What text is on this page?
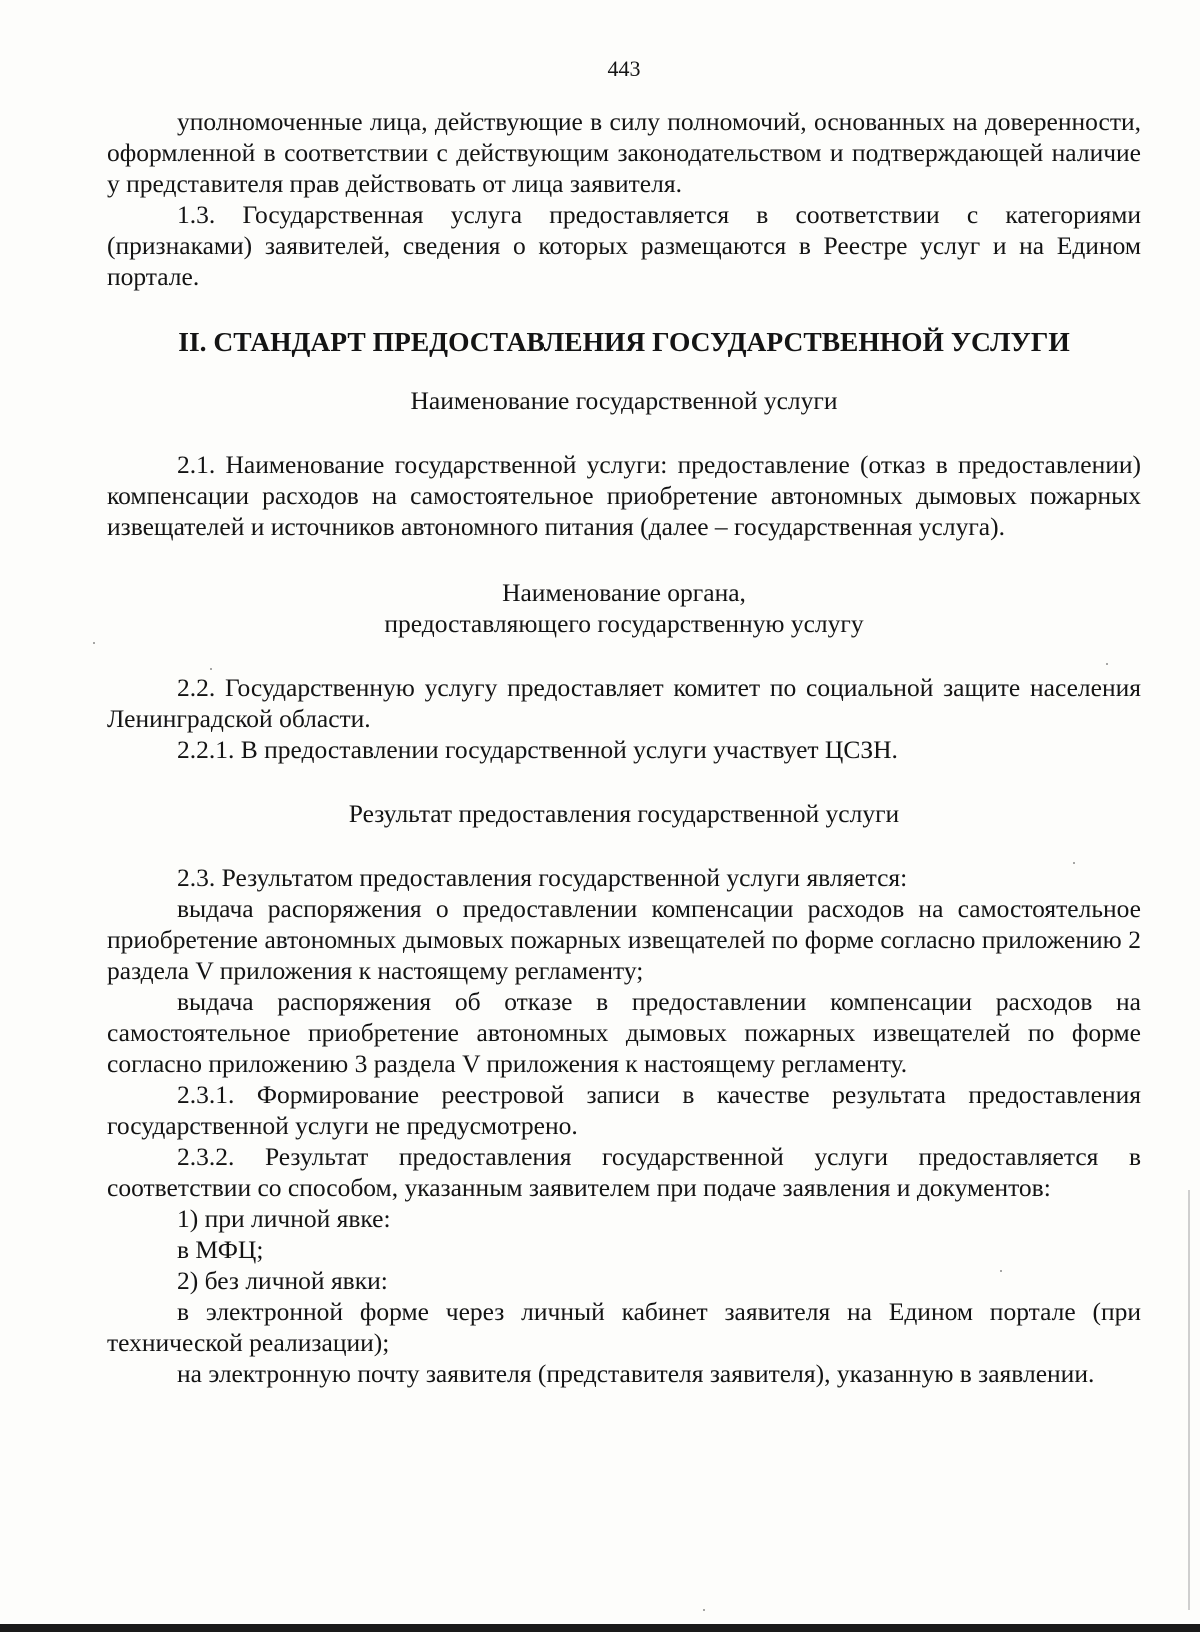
443

уполномоченные лица, действующие в силу полномочий, основанных на доверенности, оформленной в соответствии с действующим законодательством и подтверждающей наличие у представителя прав действовать от лица заявителя.

1.3. Государственная услуга предоставляется в соответствии с категориями (признаками) заявителей, сведения о которых размещаются в Реестре услуг и на Едином портале.

II. СТАНДАРТ ПРЕДОСТАВЛЕНИЯ ГОСУДАРСТВЕННОЙ УСЛУГИ
Наименование государственной услуги

2.1. Наименование государственной услуги: предоставление (отказ в предоставлении) компенсации расходов на самостоятельное приобретение автономных дымовых пожарных извещателей и источников автономного питания (далее – государственная услуга).

Наименование органа,
предоставляющего государственную услугу

2.2. Государственную услугу предоставляет комитет по социальной защите населения Ленинградской области.

2.2.1. В предоставлении государственной услуги участвует ЦСЗН.

Результат предоставления государственной услуги

2.3. Результатом предоставления государственной услуги является:

выдача распоряжения о предоставлении компенсации расходов на самостоятельное приобретение автономных дымовых пожарных извещателей по форме согласно приложению 2 раздела V приложения к настоящему регламенту;

выдача распоряжения об отказе в предоставлении компенсации расходов на самостоятельное приобретение автономных дымовых пожарных извещателей по форме согласно приложению 3 раздела V приложения к настоящему регламенту.

2.3.1. Формирование реестровой записи в качестве результата предоставления государственной услуги не предусмотрено.

2.3.2. Результат предоставления государственной услуги предоставляется в соответствии со способом, указанным заявителем при подаче заявления и документов:

1) при личной явке:

в МФЦ;

2) без личной явки:

в электронной форме через личный кабинет заявителя на Едином портале (при технической реализации);

на электронную почту заявителя (представителя заявителя), указанную в заявлении.
